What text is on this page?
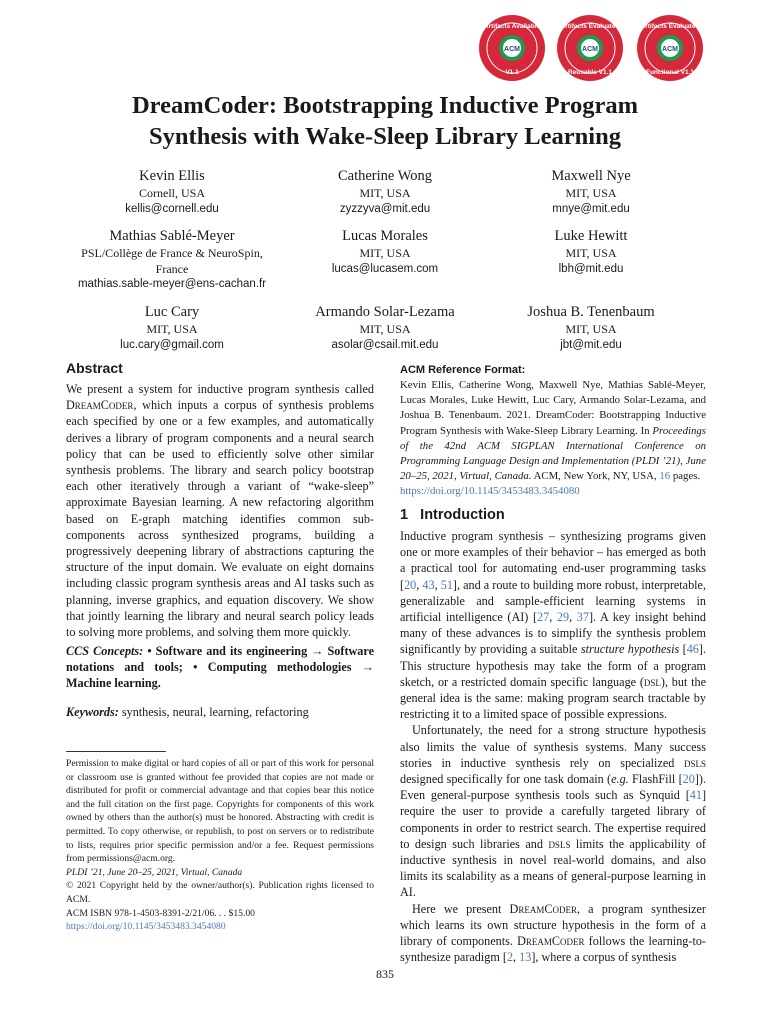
ACM
Artifacts Available
V1.1
ACM
Artifacts Evaluated
Reusable V1.1
ACM
Artifacts Evaluated
Functional V1.1
DreamCoder: Bootstrapping Inductive Program
Synthesis with Wake-Sleep Library Learning
Kevin Ellis
Cornell, USA
kellis@cornell.edu
Catherine Wong
MIT, USA
zyzzyva@mit.edu
Maxwell Nye
MIT, USA
mnye@mit.edu
Mathias Sablé-Meyer
PSL/Collège de France & NeuroSpin,
France
mathias.sable-meyer@ens-cachan.fr
Lucas Morales
MIT, USA
lucas@lucasem.com
Luke Hewitt
MIT, USA
lbh@mit.edu
Luc Cary
MIT, USA
luc.cary@gmail.com
Armando Solar-Lezama
MIT, USA
asolar@csail.mit.edu
Joshua B. Tenenbaum
MIT, USA
jbt@mit.edu
Abstract
We present a system for inductive program synthesis called DreamCoder, which inputs a corpus of synthesis problems each specified by one or a few examples, and automatically derives a library of program components and a neural search policy that can be used to efficiently solve other similar synthesis problems. The library and search policy bootstrap each other iteratively through a variant of “wake-sleep” approximate Bayesian learning. A new refactoring algorithm based on E-graph matching identifies common sub-components across synthesized programs, building a progressively deepening library of abstractions capturing the structure of the input domain. We evaluate on eight domains including classic program synthesis areas and AI tasks such as planning, inverse graphics, and equation discovery. We show that jointly learning the library and neural search policy leads to solving more problems, and solving them more quickly.
CCS Concepts: • Software and its engineering → Software notations and tools; • Computing methodologies → Machine learning.
Keywords: synthesis, neural, learning, refactoring
Permission to make digital or hard copies of all or part of this work for personal or classroom use is granted without fee provided that copies are not made or distributed for profit or commercial advantage and that copies bear this notice and the full citation on the first page. Copyrights for components of this work owned by others than the author(s) must be honored. Abstracting with credit is permitted. To copy otherwise, or republish, to post on servers or to redistribute to lists, requires prior specific permission and/or a fee. Request permissions from permissions@acm.org.
PLDI ’21, June 20–25, 2021, Virtual, Canada
© 2021 Copyright held by the owner/author(s). Publication rights licensed to ACM.
ACM ISBN 978-1-4503-8391-2/21/06. . . $15.00
https://doi.org/10.1145/3453483.3454080
ACM Reference Format:
Kevin Ellis, Catherine Wong, Maxwell Nye, Mathias Sablé-Meyer, Lucas Morales, Luke Hewitt, Luc Cary, Armando Solar-Lezama, and Joshua B. Tenenbaum. 2021. DreamCoder: Bootstrapping Inductive Program Synthesis with Wake-Sleep Library Learning. In Proceedings of the 42nd ACM SIGPLAN International Conference on Programming Language Design and Implementation (PLDI ’21), June 20–25, 2021, Virtual, Canada. ACM, New York, NY, USA, 16 pages.
https://doi.org/10.1145/3453483.3454080
1 Introduction
Inductive program synthesis – synthesizing programs given one or more examples of their behavior – has emerged as both a practical tool for automating end-user programming tasks [20, 43, 51], and a route to building more robust, interpretable, generalizable and sample-efficient learning systems in artificial intelligence (AI) [27, 29, 37]. A key insight behind many of these advances is to simplify the synthesis problem significantly by providing a suitable structure hypothesis [46]. This structure hypothesis may take the form of a program sketch, or a restricted domain specific language (dsl), but the general idea is the same: making program search tractable by restricting it to a limited space of possible expressions.
Unfortunately, the need for a strong structure hypothesis also limits the value of synthesis systems. Many success stories in inductive synthesis rely on specialized dsls designed specifically for one task domain (e.g. FlashFill [20]). Even general-purpose synthesis tools such as Synquid [41] require the user to provide a carefully targeted library of components in order to restrict search. The expertise required to design such libraries and dsls limits the applicability of inductive synthesis in novel real-world domains, and also limits its scalability as a means of general-purpose learning in AI.
Here we present DreamCoder, a program synthesizer which learns its own structure hypothesis in the form of a library of components. DreamCoder follows the learning-to-synthesize paradigm [2, 13], where a corpus of synthesis
835
